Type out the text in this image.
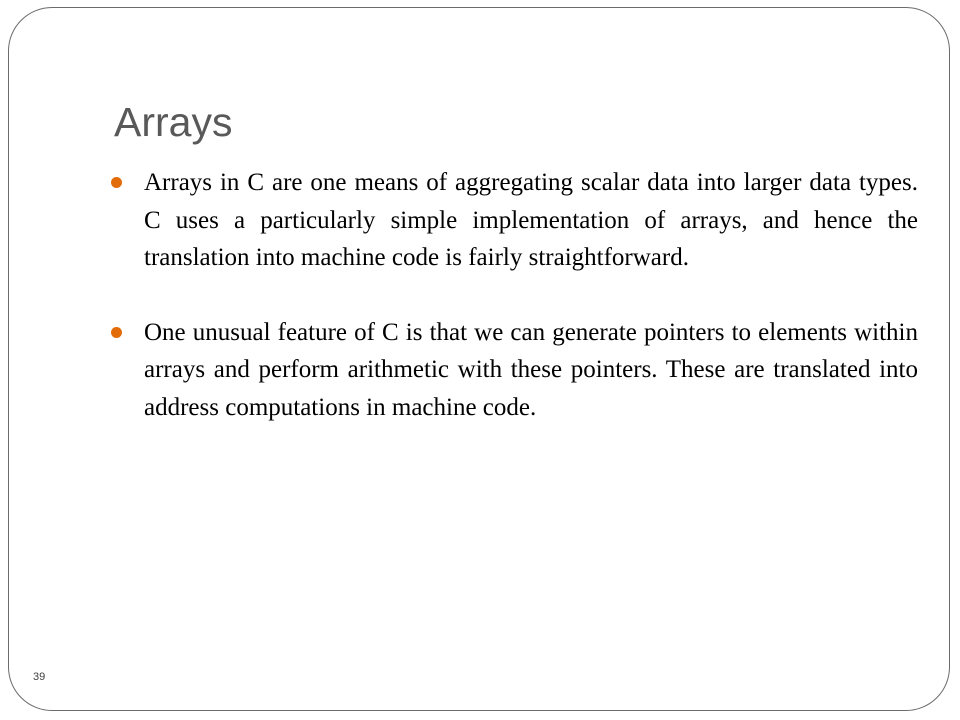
Arrays
Arrays in C are one means of aggregating scalar data into larger data types. C uses a particularly simple implementation of arrays, and hence the translation into machine code is fairly straightforward.
One unusual feature of C is that we can generate pointers to elements within arrays and perform arithmetic with these pointers. These are translated into address computations in machine code.
39
